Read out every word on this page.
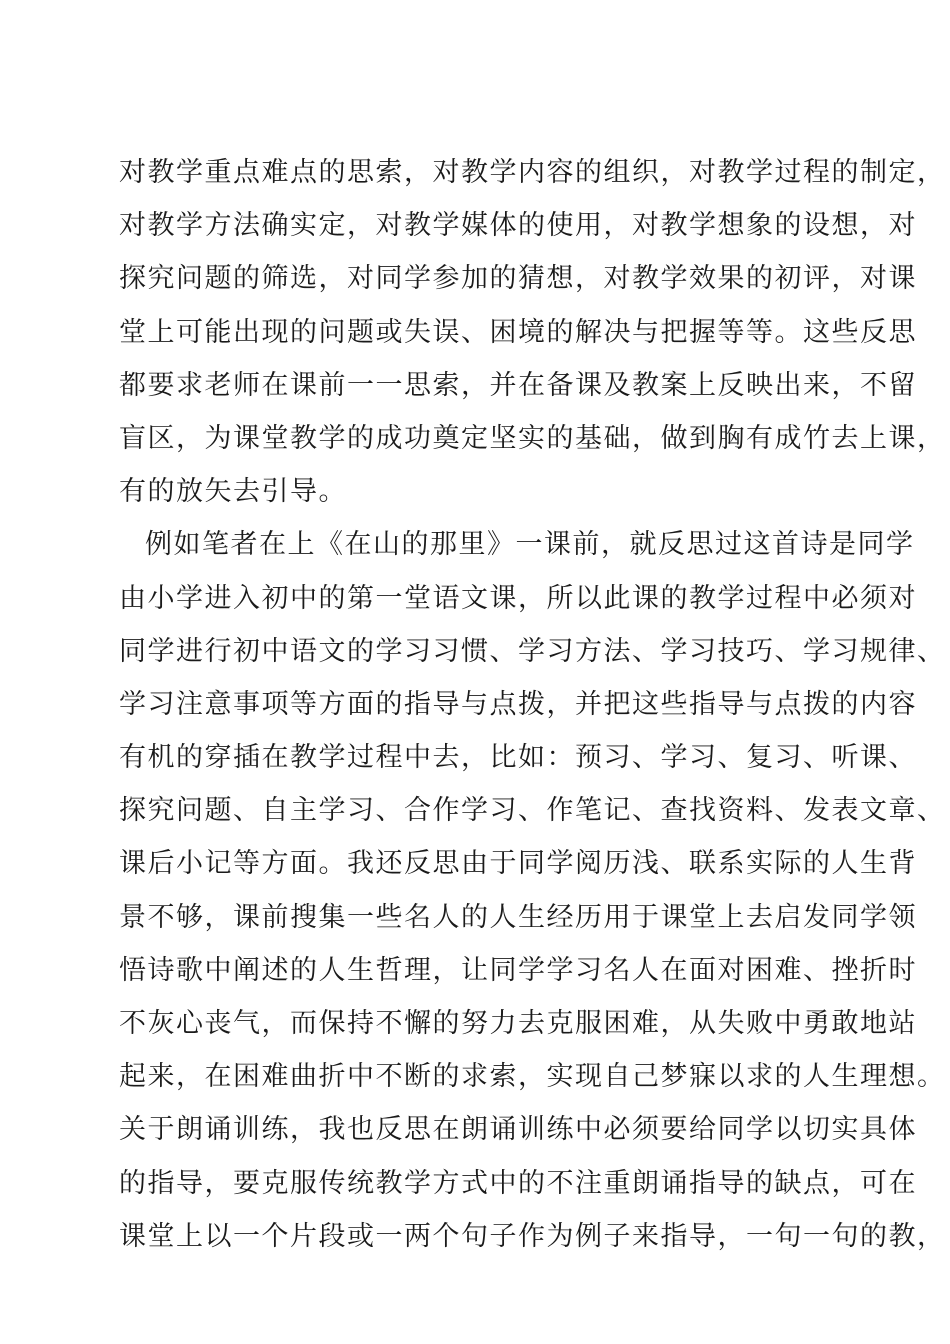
对教学重点难点的思索，对教学内容的组织，对教学过程的制定，
对教学方法确实定，对教学媒体的使用，对教学想象的设想，对
探究问题的筛选，对同学参加的猜想，对教学效果的初评，对课
堂上可能出现的问题或失误、困境的解决与把握等等。这些反思
都要求老师在课前一一思索，并在备课及教案上反映出来，不留
盲区，为课堂教学的成功奠定坚实的基础，做到胸有成竹去上课，
有的放矢去引导。
例如笔者在上《在山的那里》一课前，就反思过这首诗是同学
由小学进入初中的第一堂语文课，所以此课的教学过程中必须对
同学进行初中语文的学习习惯、学习方法、学习技巧、学习规律、
学习注意事项等方面的指导与点拨，并把这些指导与点拨的内容
有机的穿插在教学过程中去，比如：预习、学习、复习、听课、
探究问题、自主学习、合作学习、作笔记、查找资料、发表文章、
课后小记等方面。我还反思由于同学阅历浅、联系实际的人生背
景不够，课前搜集一些名人的人生经历用于课堂上去启发同学领
悟诗歌中阐述的人生哲理，让同学学习名人在面对困难、挫折时
不灰心丧气，而保持不懈的努力去克服困难，从失败中勇敢地站
起来，在困难曲折中不断的求索，实现自己梦寐以求的人生理想。
关于朗诵训练，我也反思在朗诵训练中必须要给同学以切实具体
的指导，要克服传统教学方式中的不注重朗诵指导的缺点，可在
课堂上以一个片段或一两个句子作为例子来指导，一句一句的教，
